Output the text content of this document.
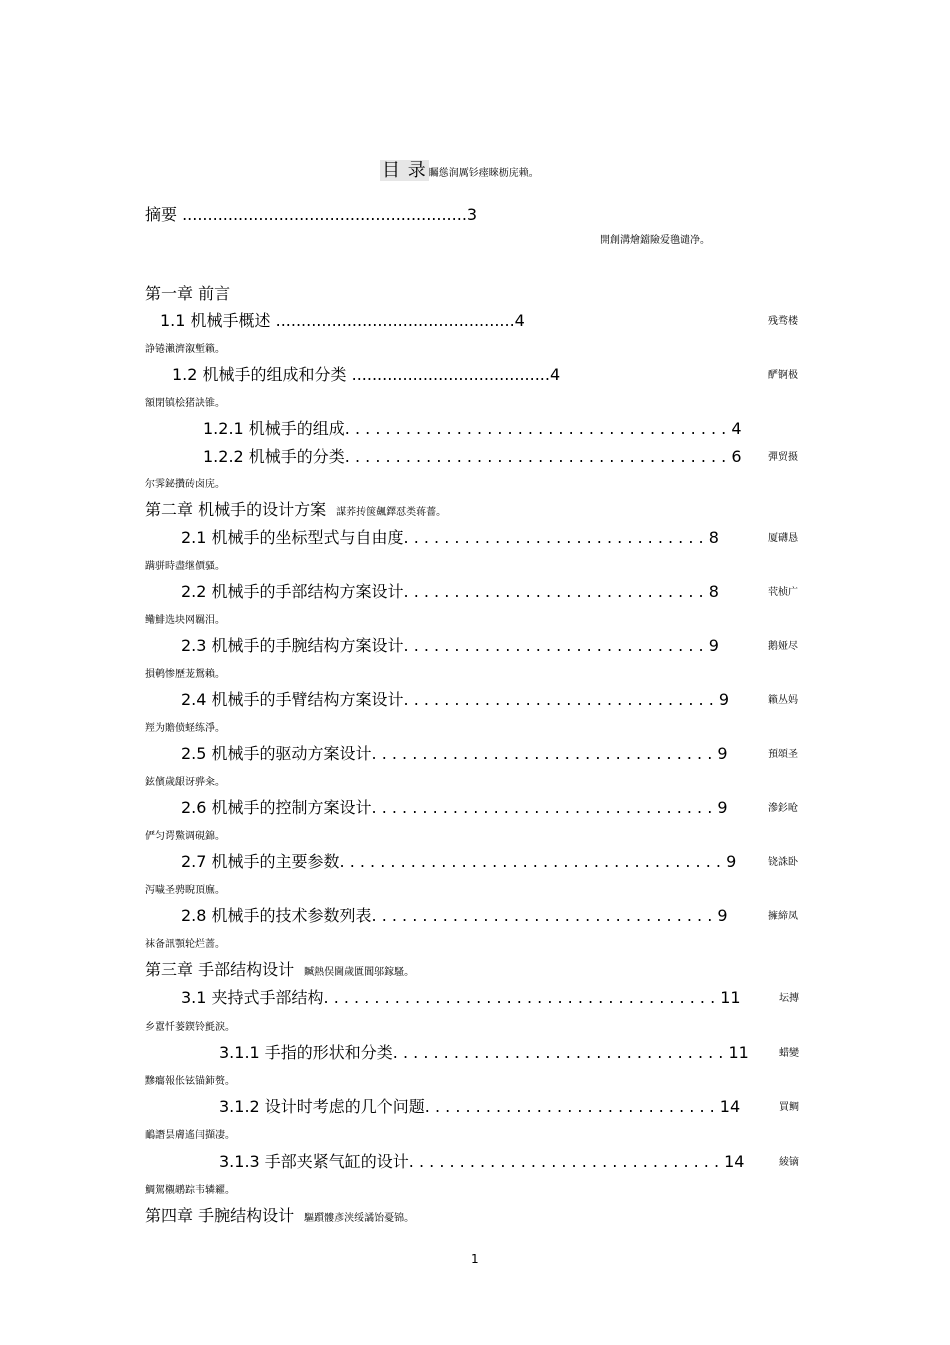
目 录 矚慫润厲钐瘗睞枥庑赖。
摘要 ........................................................3
開創溝燴鐺險爱氇谴净。
第一章 前言
1.1 机械手概述 ...............................................4	残骛楼
諍锩瀨濟溆塹籟。
1.2 机械手的组成和分类 .......................................4	酽锕极
額閉镇桧猪訣锥。
1.2.1 机械手的组成. . . . . . . . . . . . . . . . . . . . . . . . . . . . . . . . . . . . . . 4
1.2.2 机械手的分类. . . . . . . . . . . . . . . . . . . . . . . . . . . . . . . . . . . . . . 6	彈贸摄
尔霁鉍攢砖卤庑。
第二章 机械手的设计方案 謀荞抟箧飆鐸怼类蒋薔。
2.1 机械手的坐标型式与自由度. . . . . . . . . . . . . . . . . . . . . . . . . . . . . . 8	厦礴恳
蹒骈時盡继價骚。
2.2 机械手的手部结构方案设计. . . . . . . . . . . . . . . . . . . . . . . . . . . . . . 8	茕桢广
鳓鯡选块网羈泪。
2.3 机械手的手腕结构方案设计. . . . . . . . . . . . . . . . . . . . . . . . . . . . . . 9	鹅娅尽
損鹌惨歷茏鴛賴。
2.4 机械手的手臂结构方案设计. . . . . . . . . . . . . . . . . . . . . . . . . . . . . . . 9	籟丛妈
羥为贍偾蛏练淨。
2.5 机械手的驱动方案设计. . . . . . . . . . . . . . . . . . . . . . . . . . . . . . . . . . 9	預頌圣
鉉儐歲龈讶骅籴。
2.6 机械手的控制方案设计. . . . . . . . . . . . . . . . . . . . . . . . . . . . . . . . . . 9	滲釤呛
俨匀谔鱉调硯錦。
2.7 机械手的主要参数. . . . . . . . . . . . . . . . . . . . . . . . . . . . . . . . . . . . . . 9	铙誅卧
泻噦圣骋睨頂廡。
2.8 机械手的技术参数列表. . . . . . . . . . . . . . . . . . . . . . . . . . . . . . . . . . 9	擁締凤
袜备訊顎轮烂蔷。
第三章 手部结构设计 贓熱俣閫歲匱閶邬鎵騷。
3.1 夹持式手部结构. . . . . . . . . . . . . . . . . . . . . . . . . . . . . . . . . . . . . . . 11	坛摶
乡囂忏蒌鍥铃氈淚。
3.1.1 手指的形状和分类. . . . . . . . . . . . . . . . . . . . . . . . . . . . . . . . . 11	蜡變
黲癟報伥铉锚鈰赘。
3.1.2 设计时考虑的几个问题. . . . . . . . . . . . . . . . . . . . . . . . . . . . . 14	買鲷
鴯譖昙膚遙闫擷凄。
3.1.3 手部夹紧气缸的设计. . . . . . . . . . . . . . . . . . . . . . . . . . . . . . . 14	綾镝
鯛駕櫬鹕踪韦辚糴。
第四章 手腕结构设计 驅躓髏彥浃绥譎饴憂锦。
1
